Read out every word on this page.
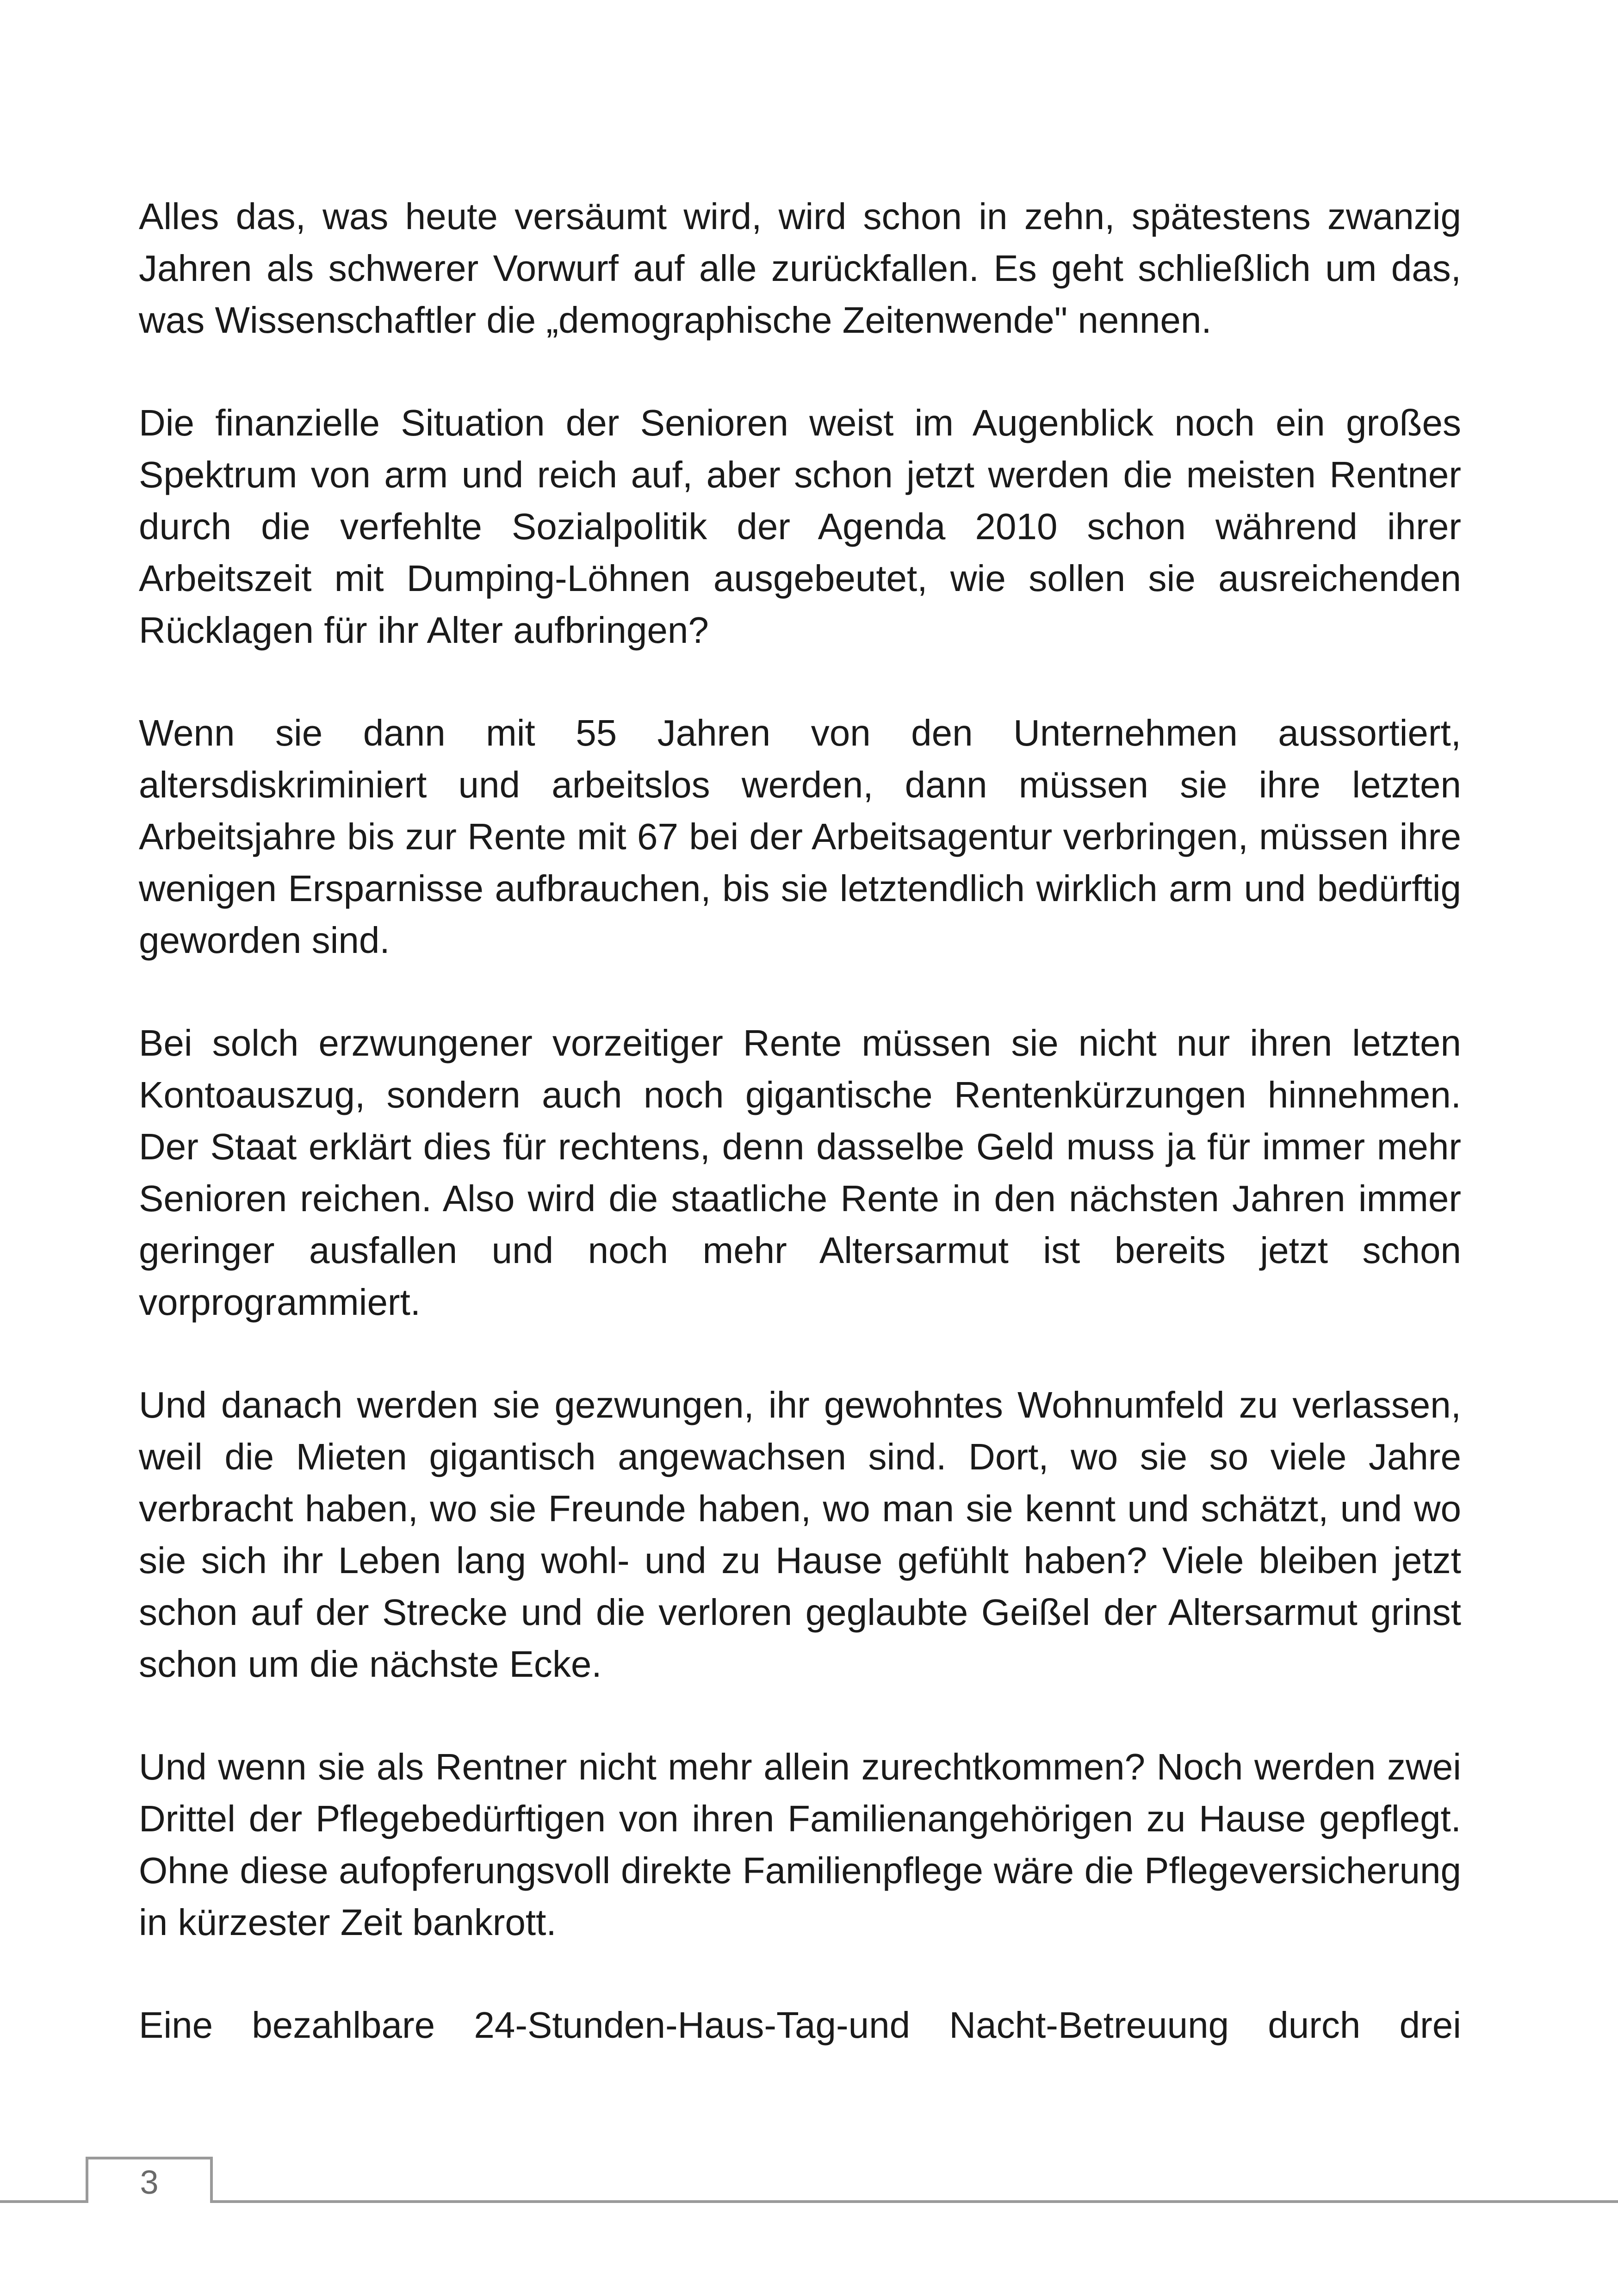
Alles das, was heute versäumt wird, wird schon in zehn, spätestens zwanzig Jahren als schwerer Vorwurf auf alle zurückfallen. Es geht schließlich um das, was Wissenschaftler die „demographische Zeitenwende" nennen.

Die finanzielle Situation der Senioren weist im Augenblick noch ein großes Spektrum von arm und reich auf, aber schon jetzt werden die meisten Rentner durch die verfehlte Sozialpolitik der Agenda 2010 schon während ihrer Arbeitszeit mit Dumping-Löhnen ausgebeutet, wie sollen sie ausreichenden Rücklagen für ihr Alter aufbringen?

Wenn sie dann mit 55 Jahren von den Unternehmen aussortiert, altersdiskriminiert und arbeitslos werden, dann müssen sie ihre letzten Arbeitsjahre bis zur Rente mit 67 bei der Arbeitsagentur verbringen, müssen ihre wenigen Ersparnisse aufbrauchen, bis sie letztendlich wirklich arm und bedürftig geworden sind.

Bei solch erzwungener vorzeitiger Rente müssen sie nicht nur ihren letzten Kontoauszug, sondern auch noch gigantische Rentenkürzungen hinnehmen. Der Staat erklärt dies für rechtens, denn dasselbe Geld muss ja für immer mehr Senioren reichen. Also wird die staatliche Rente in den nächsten Jahren immer geringer ausfallen und noch mehr Altersarmut ist bereits jetzt schon vorprogrammiert.

Und danach werden sie gezwungen, ihr gewohntes Wohnumfeld zu verlassen, weil die Mieten gigantisch angewachsen sind. Dort, wo sie so viele Jahre verbracht haben, wo sie Freunde haben, wo man sie kennt und schätzt, und wo sie sich ihr Leben lang wohl- und zu Hause gefühlt haben? Viele bleiben jetzt schon auf der Strecke und die verloren geglaubte Geißel der Altersarmut grinst schon um die nächste Ecke.

Und wenn sie als Rentner nicht mehr allein zurechtkommen? Noch werden zwei Drittel der Pflegebedürftigen von ihren Familienangehörigen zu Hause gepflegt. Ohne diese aufopferungsvoll direkte Familienpflege wäre die Pflegeversicherung in kürzester Zeit bankrott.

Eine bezahlbare 24-Stunden-Haus-Tag-und Nacht-Betreuung durch drei

3
